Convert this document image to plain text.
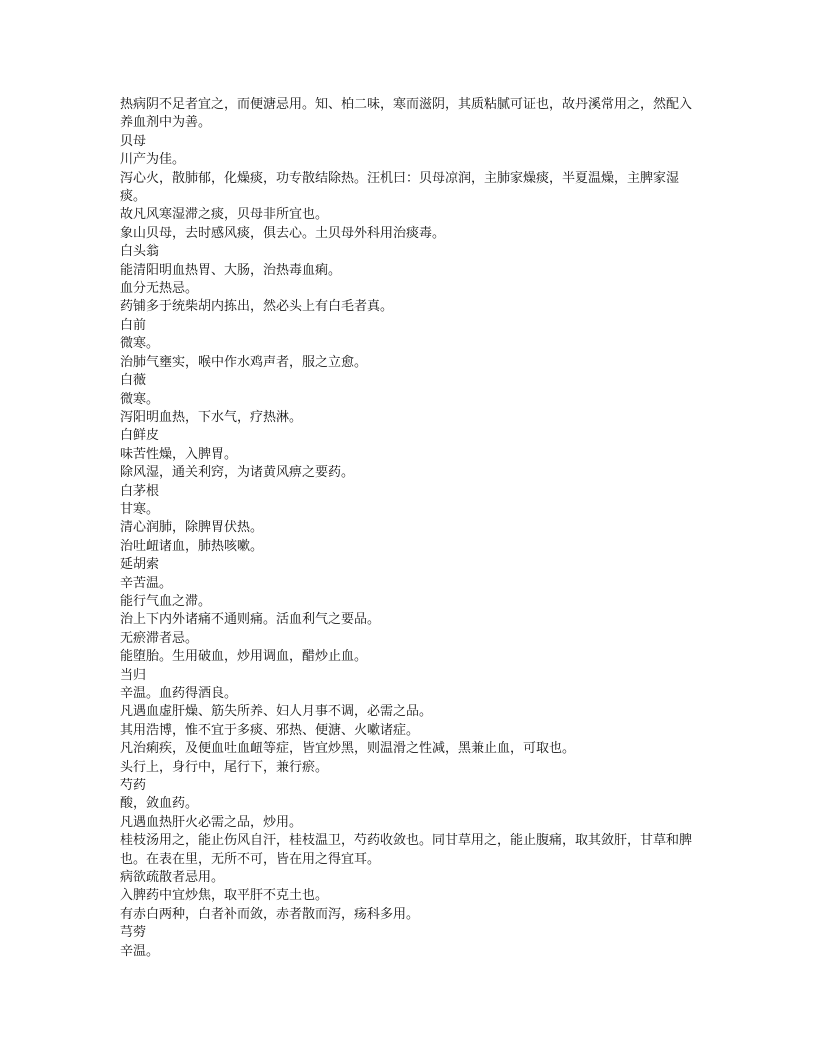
热病阴不足者宜之，而便溏忌用。知、柏二味，寒而滋阴，其质粘腻可证也，故丹溪常用之，然配入养血剂中为善。
贝母
川产为佳。
泻心火，散肺郁，化燥痰，功专散结除热。汪机曰：贝母凉润，主肺家燥痰，半夏温燥，主脾家湿痰。
故凡风寒湿滞之痰，贝母非所宜也。
象山贝母，去时感风痰，俱去心。土贝母外科用治痰毒。
白头翁
能清阳明血热胃、大肠，治热毒血痢。
血分无热忌。
药铺多于统柴胡内拣出，然必头上有白毛者真。
白前
微寒。
治肺气壅实，喉中作水鸡声者，服之立愈。
白薇
微寒。
泻阳明血热，下水气，疗热淋。
白鲜皮
味苦性燥，入脾胃。
除风湿，通关利窍，为诸黄风痹之要药。
白茅根
甘寒。
清心润肺，除脾胃伏热。
治吐衄诸血，肺热咳嗽。
延胡索
辛苦温。
能行气血之滞。
治上下内外诸痛不通则痛。活血利气之要品。
无瘀滞者忌。
能堕胎。生用破血，炒用调血，醋炒止血。
当归
辛温。血药得酒良。
凡遇血虚肝燥、筋失所养、妇人月事不调，必需之品。
其用浩博，惟不宜于多痰、邪热、便溏、火嗽诸症。
凡治痢疾，及便血吐血衄等症，皆宜炒黑，则温滑之性减，黑兼止血，可取也。
头行上，身行中，尾行下，兼行瘀。
芍药
酸，敛血药。
凡遇血热肝火必需之品，炒用。
桂枝汤用之，能止伤风自汗，桂枝温卫，芍药收敛也。同甘草用之，能止腹痛，取其敛肝，甘草和脾也。在表在里，无所不可，皆在用之得宜耳。
病欲疏散者忌用。
入脾药中宜炒焦，取平肝不克土也。
有赤白两种，白者补而敛，赤者散而泻，疡科多用。
芎䓖
辛温。
